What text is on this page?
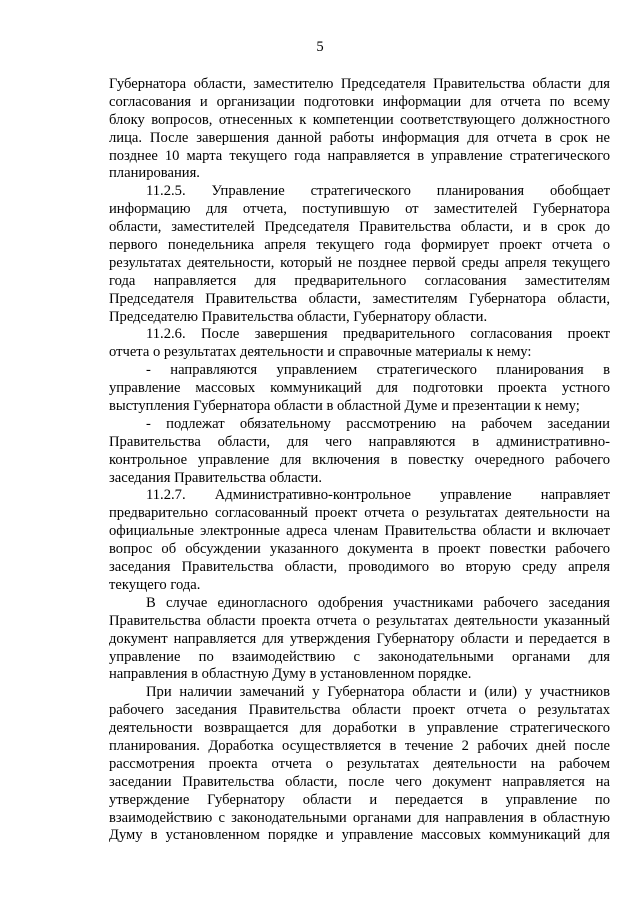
5
Губернатора области, заместителю Председателя Правительства области для
согласования и организации подготовки информации для отчета по всему
блоку вопросов, отнесенных к компетенции соответствующего должностного
лица. После завершения данной работы информация для отчета в срок не
позднее 10 марта текущего года направляется в управление стратегического
планирования.
11.2.5. Управление стратегического планирования обобщает
информацию для отчета, поступившую от заместителей Губернатора
области, заместителей Председателя Правительства области, и в срок до
первого понедельника апреля текущего года формирует проект отчета о
результатах деятельности, который не позднее первой среды апреля текущего
года направляется для предварительного согласования заместителям
Председателя Правительства области, заместителям Губернатора области,
Председателю Правительства области, Губернатору области.
11.2.6. После завершения предварительного согласования проект
отчета о результатах деятельности и справочные материалы к нему:
- направляются управлением стратегического планирования в
управление массовых коммуникаций для подготовки проекта устного
выступления Губернатора области в областной Думе и презентации к нему;
- подлежат обязательному рассмотрению на рабочем заседании
Правительства области, для чего направляются в административно-
контрольное управление для включения в повестку очередного рабочего
заседания Правительства области.
11.2.7. Административно-контрольное управление направляет
предварительно согласованный проект отчета о результатах деятельности на
официальные электронные адреса членам Правительства области и включает
вопрос об обсуждении указанного документа в проект повестки рабочего
заседания Правительства области, проводимого во вторую среду апреля
текущего года.
В случае единогласного одобрения участниками рабочего заседания
Правительства области проекта отчета о результатах деятельности указанный
документ направляется для утверждения Губернатору области и передается в
управление по взаимодействию с законодательными органами для
направления в областную Думу в установленном порядке.
При наличии замечаний у Губернатора области и (или) у участников
рабочего заседания Правительства области проект отчета о результатах
деятельности возвращается для доработки в управление стратегического
планирования. Доработка осуществляется в течение 2 рабочих дней после
рассмотрения проекта отчета о результатах деятельности на рабочем
заседании Правительства области, после чего документ направляется на
утверждение Губернатору области и передается в управление по
взаимодействию с законодательными органами для направления в областную
Думу в установленном порядке и управление массовых коммуникаций для
